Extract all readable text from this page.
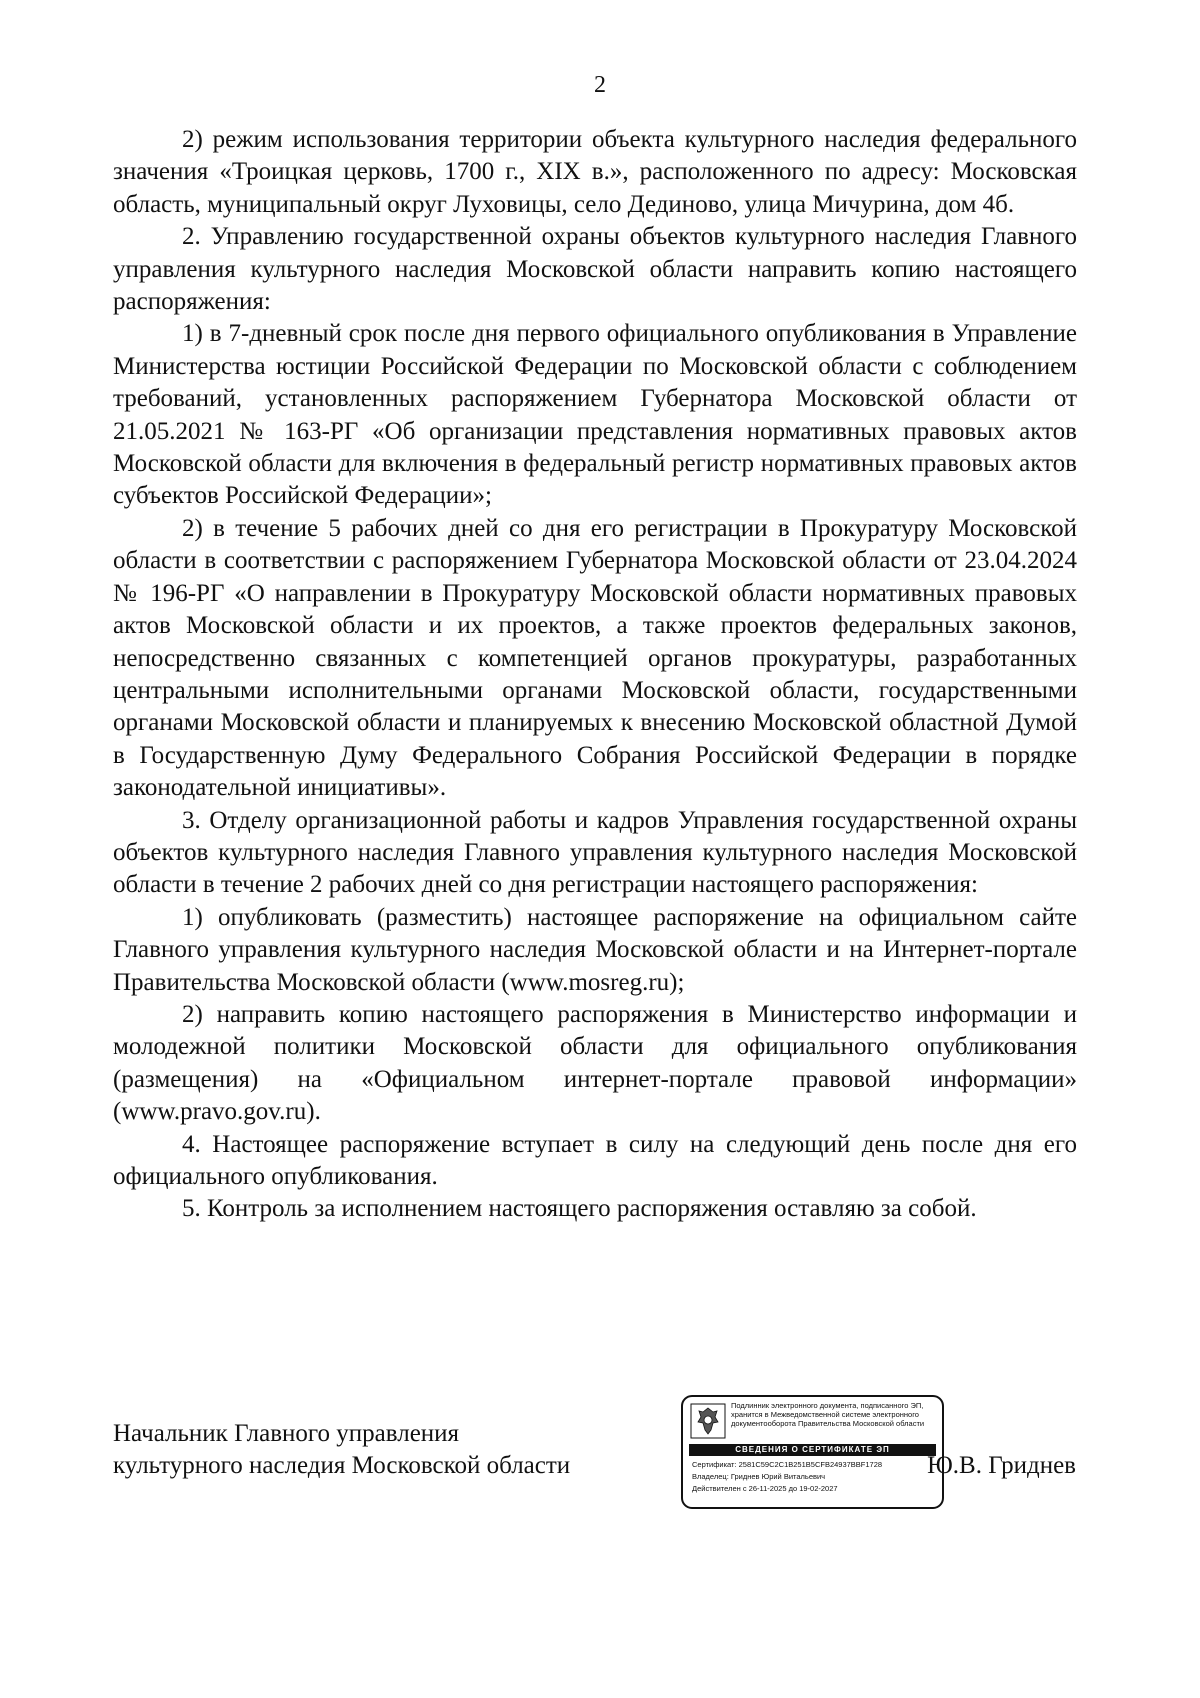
2

2) режим использования территории объекта культурного наследия федерального значения «Троицкая церковь, 1700 г., XIX в.», расположенного по адресу: Московская область, муниципальный округ Луховицы, село Дединово, улица Мичурина, дом 4б.

2. Управлению государственной охраны объектов культурного наследия Главного управления культурного наследия Московской области направить копию настоящего распоряжения:

1) в 7-дневный срок после дня первого официального опубликования в Управление Министерства юстиции Российской Федерации по Московской области с соблюдением требований, установленных распоряжением Губернатора Московской области от 21.05.2021 № 163-РГ «Об организации представления нормативных правовых актов Московской области для включения в федеральный регистр нормативных правовых актов субъектов Российской Федерации»;

2) в течение 5 рабочих дней со дня его регистрации в Прокуратуру Московской области в соответствии с распоряжением Губернатора Московской области от 23.04.2024 № 196-РГ «О направлении в Прокуратуру Московской области нормативных правовых актов Московской области и их проектов, а также проектов федеральных законов, непосредственно связанных с компетенцией органов прокуратуры, разработанных центральными исполнительными органами Московской области, государственными органами Московской области и планируемых к внесению Московской областной Думой в Государственную Думу Федерального Собрания Российской Федерации в порядке законодательной инициативы».

3. Отделу организационной работы и кадров Управления государственной охраны объектов культурного наследия Главного управления культурного наследия Московской области в течение 2 рабочих дней со дня регистрации настоящего распоряжения:

1) опубликовать (разместить) настоящее распоряжение на официальном сайте Главного управления культурного наследия Московской области и на Интернет-портале Правительства Московской области (www.mosreg.ru);

2) направить копию настоящего распоряжения в Министерство информации и молодежной политики Московской области для официального опубликования (размещения) на «Официальном интернет-портале правовой информации» (www.pravo.gov.ru).

4. Настоящее распоряжение вступает в силу на следующий день после дня его официального опубликования.

5. Контроль за исполнением настоящего распоряжения оставляю за собой.

Начальник Главного управления
культурного наследия Московской области
Подлинник электронного документа, подписанного ЭП,
хранится в Межведомственной системе электронного
документооборота Правительства Московской области
СВЕДЕНИЯ О СЕРТИФИКАТЕ ЭП
Сертификат: 2581C59C2C1B251B5CFB24937BBF1728
Владелец: Гриднев Юрий Витальевич
Действителен с 26-11-2025 до 19-02-2027
Ю.В. Гриднев
